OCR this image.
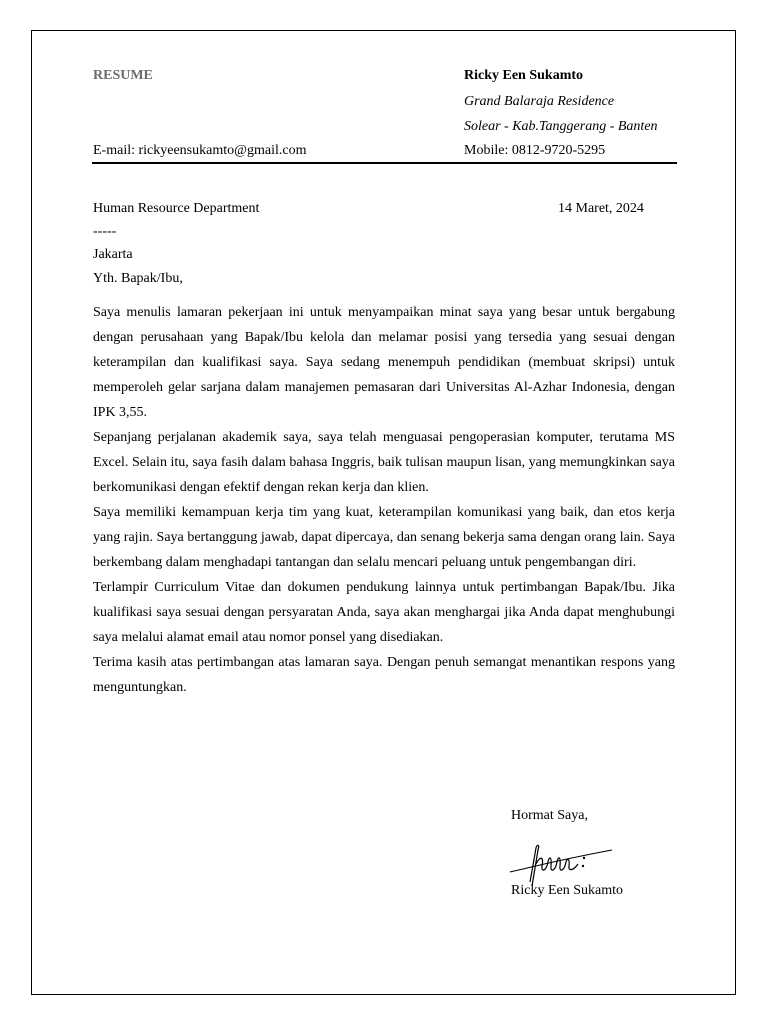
RESUME	Ricky Een Sukamto
Grand Balaraja Residence
Solear - Kab.Tanggerang - Banten
E-mail: rickyeensukamto@gmail.com	Mobile: 0812-9720-5295
Human Resource Department	14 Maret, 2024
-----
Jakarta
Yth. Bapak/Ibu,

Saya menulis lamaran pekerjaan ini untuk menyampaikan minat saya yang besar untuk bergabung dengan perusahaan yang Bapak/Ibu kelola dan melamar posisi yang tersedia yang sesuai dengan keterampilan dan kualifikasi saya. Saya sedang menempuh pendidikan (membuat skripsi) untuk memperoleh gelar sarjana dalam manajemen pemasaran dari Universitas Al-Azhar Indonesia, dengan IPK 3,55.

Sepanjang perjalanan akademik saya, saya telah menguasai pengoperasian komputer, terutama MS Excel. Selain itu, saya fasih dalam bahasa Inggris, baik tulisan maupun lisan, yang memungkinkan saya berkomunikasi dengan efektif dengan rekan kerja dan klien.

Saya memiliki kemampuan kerja tim yang kuat, keterampilan komunikasi yang baik, dan etos kerja yang rajin. Saya bertanggung jawab, dapat dipercaya, dan senang bekerja sama dengan orang lain. Saya berkembang dalam menghadapi tantangan dan selalu mencari peluang untuk pengembangan diri.

Terlampir Curriculum Vitae dan dokumen pendukung lainnya untuk pertimbangan Bapak/Ibu. Jika kualifikasi saya sesuai dengan persyaratan Anda, saya akan menghargai jika Anda dapat menghubungi saya melalui alamat email atau nomor ponsel yang disediakan.

Terima kasih atas pertimbangan atas lamaran saya. Dengan penuh semangat menantikan respons yang menguntungkan.

Hormat Saya,
Ricky Een Sukamto
